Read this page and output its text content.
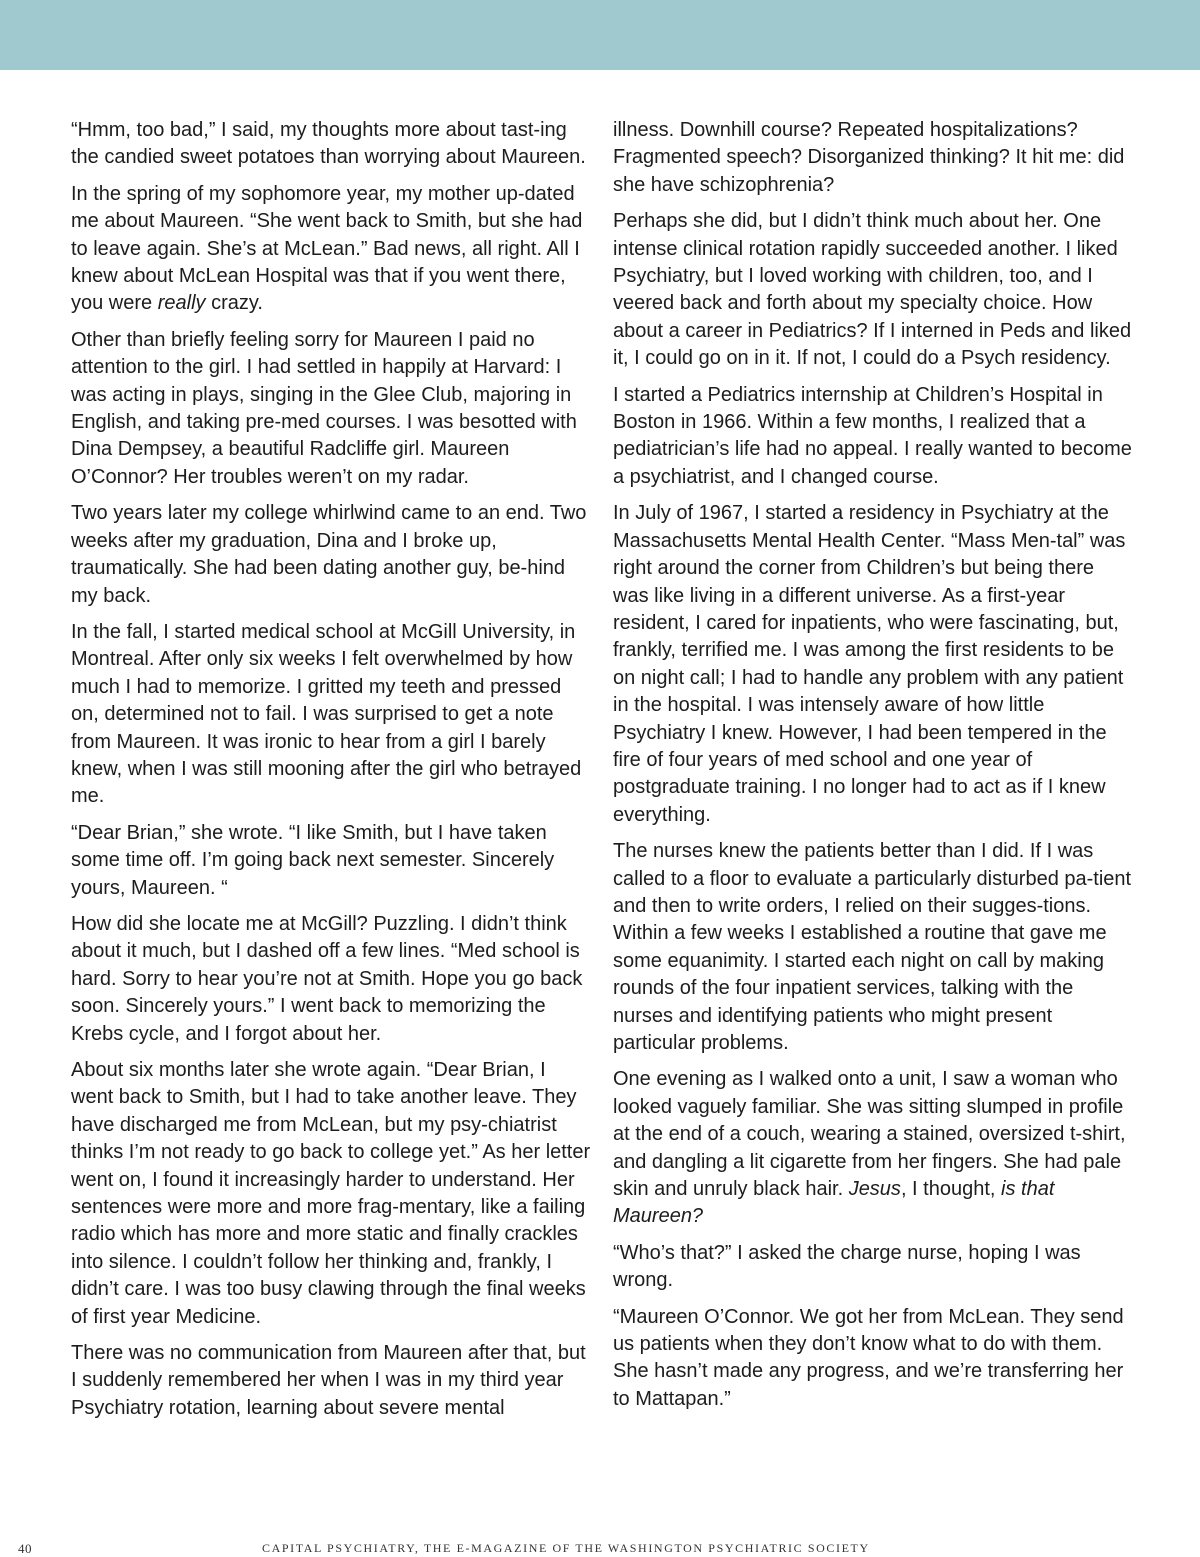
“Hmm, too bad,” I said, my thoughts more about tast-ing the candied sweet potatoes than worrying about Maureen.

In the spring of my sophomore year, my mother up-dated me about Maureen. “She went back to Smith, but she had to leave again. She’s at McLean.” Bad news, all right. All I knew about McLean Hospital was that if you went there, you were really crazy.

Other than briefly feeling sorry for Maureen I paid no attention to the girl. I had settled in happily at Harvard: I was acting in plays, singing in the Glee Club, majoring in English, and taking pre-med courses. I was besotted with Dina Dempsey, a beautiful Radcliffe girl. Maureen O’Connor? Her troubles weren’t on my radar.

Two years later my college whirlwind came to an end. Two weeks after my graduation, Dina and I broke up, traumatically. She had been dating another guy, be-hind my back.

In the fall, I started medical school at McGill University, in Montreal. After only six weeks I felt overwhelmed by how much I had to memorize. I gritted my teeth and pressed on, determined not to fail. I was surprised to get a note from Maureen. It was ironic to hear from a girl I barely knew, when I was still mooning after the girl who betrayed me.

“Dear Brian,” she wrote. “I like Smith, but I have taken some time off. I’m going back next semester. Sincerely yours, Maureen. “

How did she locate me at McGill? Puzzling. I didn’t think about it much, but I dashed off a few lines. “Med school is hard. Sorry to hear you’re not at Smith. Hope you go back soon. Sincerely yours.” I went back to memorizing the Krebs cycle, and I forgot about her.

About six months later she wrote again. “Dear Brian, I went back to Smith, but I had to take another leave. They have discharged me from McLean, but my psy-chiatrist thinks I’m not ready to go back to college yet.” As her letter went on, I found it increasingly harder to understand. Her sentences were more and more frag-mentary, like a failing radio which has more and more static and finally crackles into silence. I couldn’t follow her thinking and, frankly, I didn’t care. I was too busy clawing through the final weeks of first year Medicine.

There was no communication from Maureen after that, but I suddenly remembered her when I was in my third year Psychiatry rotation, learning about severe mental

illness. Downhill course? Repeated hospitalizations? Fragmented speech? Disorganized thinking? It hit me: did she have schizophrenia?

Perhaps she did, but I didn’t think much about her. One intense clinical rotation rapidly succeeded another. I liked Psychiatry, but I loved working with children, too, and I veered back and forth about my specialty choice. How about a career in Pediatrics? If I interned in Peds and liked it, I could go on in it. If not, I could do a Psych residency.

I started a Pediatrics internship at Children’s Hospital in Boston in 1966. Within a few months, I realized that a pediatrician’s life had no appeal. I really wanted to become a psychiatrist, and I changed course.

In July of 1967, I started a residency in Psychiatry at the Massachusetts Mental Health Center. “Mass Men-tal” was right around the corner from Children’s but being there was like living in a different universe. As a first-year resident, I cared for inpatients, who were fascinating, but, frankly, terrified me. I was among the first residents to be on night call; I had to handle any problem with any patient in the hospital. I was intensely aware of how little Psychiatry I knew. However, I had been tempered in the fire of four years of med school and one year of postgraduate training. I no longer had to act as if I knew everything.

The nurses knew the patients better than I did. If I was called to a floor to evaluate a particularly disturbed pa-tient and then to write orders, I relied on their sugges-tions. Within a few weeks I established a routine that gave me some equanimity. I started each night on call by making rounds of the four inpatient services, talking with the nurses and identifying patients who might present particular problems.

One evening as I walked onto a unit, I saw a woman who looked vaguely familiar. She was sitting slumped in profile at the end of a couch, wearing a stained, oversized t-shirt, and dangling a lit cigarette from her fingers. She had pale skin and unruly black hair. Jesus, I thought, is that Maureen?

“Who’s that?” I asked the charge nurse, hoping I was wrong.

“Maureen O’Connor. We got her from McLean. They send us patients when they don’t know what to do with them. She hasn’t made any progress, and we’re transferring her to Mattapan.”

40	CAPITAL PSYCHIATRY, THE E-MAGAZINE OF THE WASHINGTON PSYCHIATRIC SOCIETY
